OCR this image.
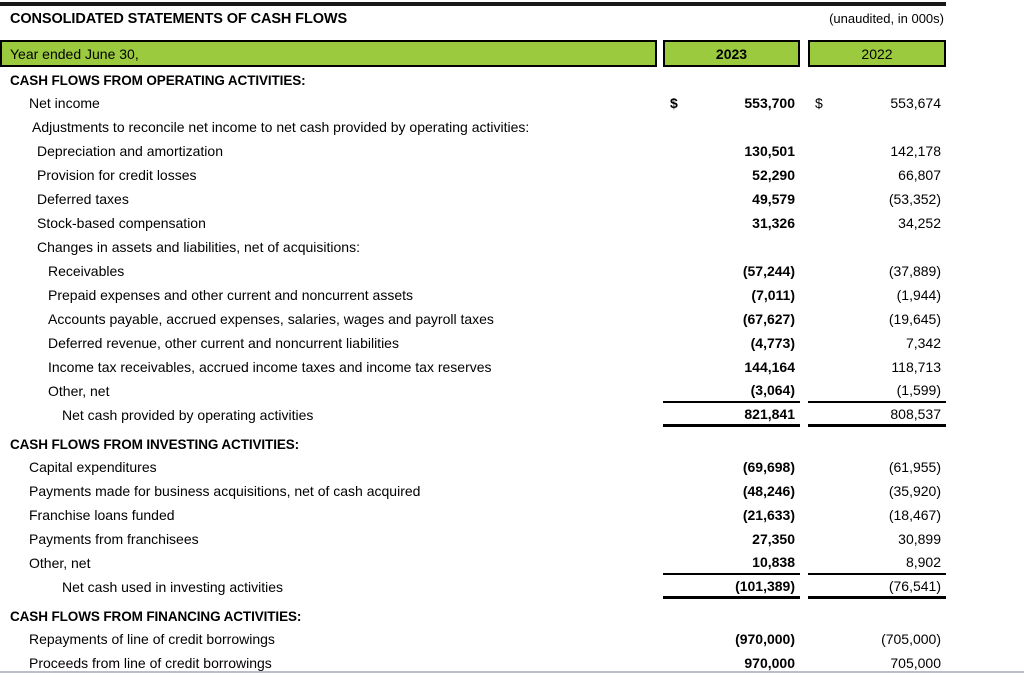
CONSOLIDATED STATEMENTS OF CASH FLOWS	(unaudited, in 000s)
Year ended June 30,	2023	2022
CASH FLOWS FROM OPERATING ACTIVITIES:
Net income	$	553,700 $	553,674
Adjustments to reconcile net income to net cash provided by operating activities:
Depreciation and amortization	130,501	142,178
Provision for credit losses	52,290	66,807
Deferred taxes	49,579	(53,352)
Stock-based compensation	31,326	34,252
Changes in assets and liabilities, net of acquisitions:
Receivables	(57,244)	(37,889)
Prepaid expenses and other current and noncurrent assets	(7,011)	(1,944)
Accounts payable, accrued expenses, salaries, wages and payroll taxes	(67,627)	(19,645)
Deferred revenue, other current and noncurrent liabilities	(4,773)	7,342
Income tax receivables, accrued income taxes and income tax reserves	144,164	118,713
Other, net	(3,064)	(1,599)
Net cash provided by operating activities	821,841	808,537
CASH FLOWS FROM INVESTING ACTIVITIES:
Capital expenditures	(69,698)	(61,955)
Payments made for business acquisitions, net of cash acquired	(48,246)	(35,920)
Franchise loans funded	(21,633)	(18,467)
Payments from franchisees	27,350	30,899
Other, net	10,838	8,902
Net cash used in investing activities	(101,389)	(76,541)
CASH FLOWS FROM FINANCING ACTIVITIES:
Repayments of line of credit borrowings	(970,000)	(705,000)
Proceeds from line of credit borrowings	970,000	705,000
